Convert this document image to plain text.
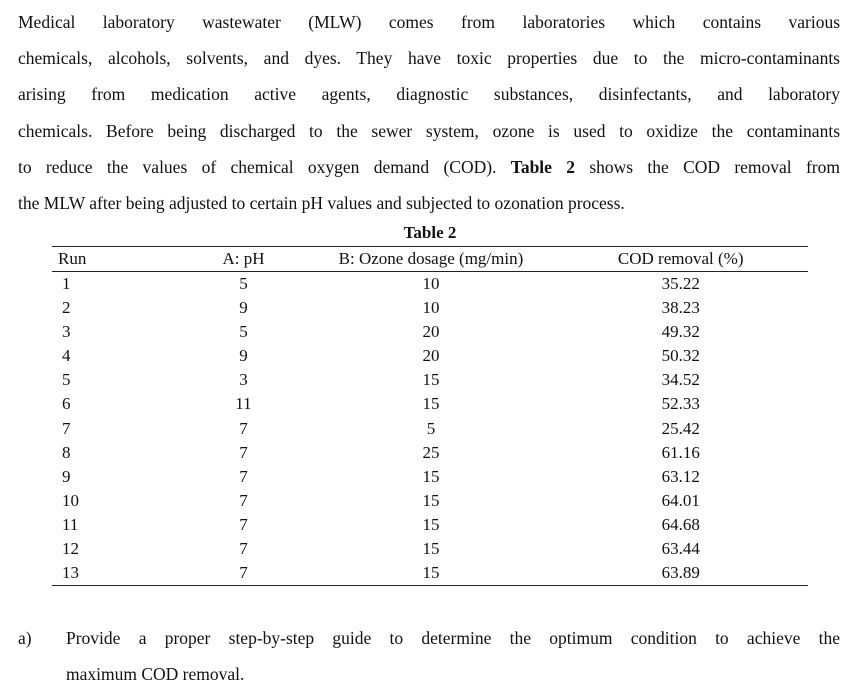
Medical laboratory wastewater (MLW) comes from laboratories which contains various
chemicals, alcohols, solvents, and dyes. They have toxic properties due to the micro-contaminants
arising from medication active agents, diagnostic substances, disinfectants, and laboratory
chemicals. Before being discharged to the sewer system, ozone is used to oxidize the contaminants
to reduce the values of chemical oxygen demand (COD). Table 2 shows the COD removal from
the MLW after being adjusted to certain pH values and subjected to ozonation process.
Table 2
Run	A: pH	B: Ozone dosage (mg/min)	COD removal (%)
1	5	10	35.22
2	9	10	38.23
3	5	20	49.32
4	9	20	50.32
5	3	15	34.52
6	11	15	52.33
7	7	5	25.42
8	7	25	61.16
9	7	15	63.12
10	7	15	64.01
11	7	15	64.68
12	7	15	63.44
13	7	15	63.89
a) Provide a proper step-by-step guide to determine the optimum condition to achieve the
maximum COD removal.
